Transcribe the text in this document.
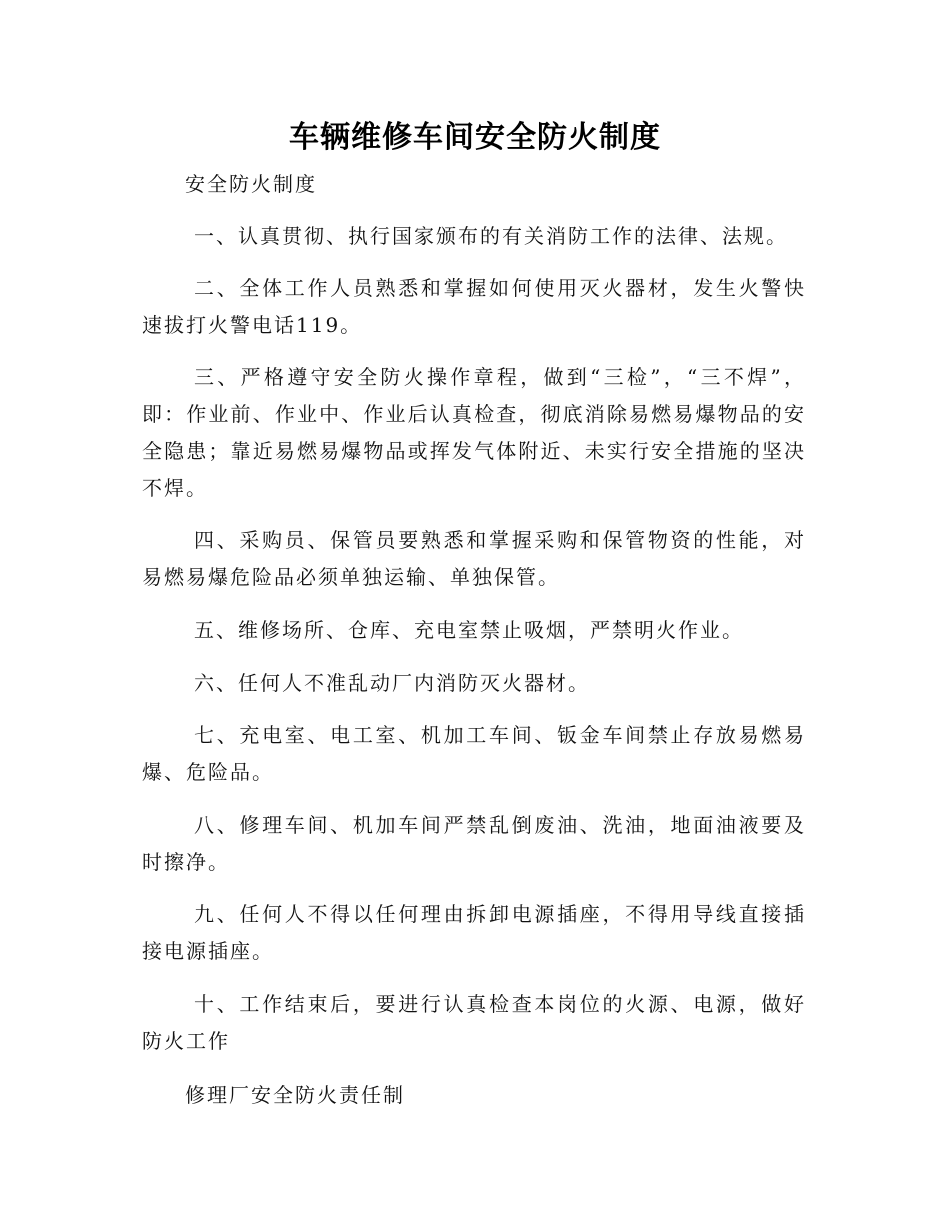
车辆维修车间安全防火制度
安全防火制度
一、认真贯彻、执行国家颁布的有关消防工作的法律、法规。
二、全体工作人员熟悉和掌握如何使用灭火器材，发生火警快速拔打火警电话119。
三、严格遵守安全防火操作章程，做到“三检”，“三不焊”，即：作业前、作业中、作业后认真检查，彻底消除易燃易爆物品的安全隐患；靠近易燃易爆物品或挥发气体附近、未实行安全措施的坚决不焊。
四、采购员、保管员要熟悉和掌握采购和保管物资的性能，对易燃易爆危险品必须单独运输、单独保管。
五、维修场所、仓库、充电室禁止吸烟，严禁明火作业。
六、任何人不准乱动厂内消防灭火器材。
七、充电室、电工室、机加工车间、钣金车间禁止存放易燃易爆、危险品。
八、修理车间、机加车间严禁乱倒废油、洗油，地面油液要及时擦净。
九、任何人不得以任何理由拆卸电源插座，不得用导线直接插接电源插座。
十、工作结束后，要进行认真检查本岗位的火源、电源，做好防火工作
修理厂安全防火责任制
